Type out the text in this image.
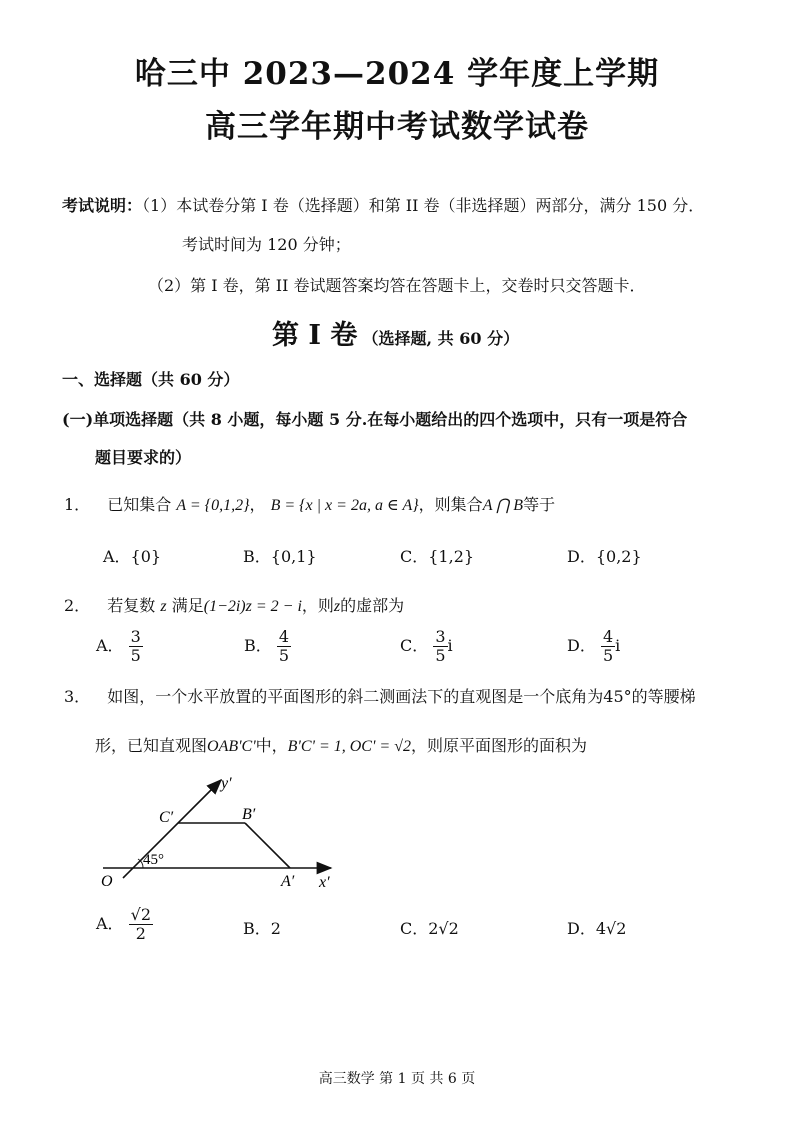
哈三中 2023—2024 学年度上学期
高三学年期中考试数学试卷
考试说明：（1）本试卷分第 I 卷（选择题）和第 II 卷（非选择题）两部分，满分 150 分．
考试时间为 120 分钟；
（2）第 I 卷，第 II 卷试题答案均答在答题卡上，交卷时只交答题卡．
第 I 卷 （选择题, 共 60 分）
一、选择题（共 60 分）
(一)单项选择题（共 8 小题，每小题 5 分.在每小题给出的四个选项中，只有一项是符合
题目要求的）
1． 已知集合 A = {0,1,2}， B = {x | x = 2a, a ∈ A}，则集合A ⋂ B等于
A．{0}	B．{0,1}	C．{1,2}	D．{0,2}
2． 若复数 z 满足(1−2i)z = 2 − i，则z的虚部为
A． $\frac{3}{5}$	B． $\frac{4}{5}$	C． $\frac{3}{5}$ i	D． $\frac{4}{5}$ i
3． 如图，一个水平放置的平面图形的斜二测画法下的直观图是一个底角为45°的等腰梯
形，已知直观图OAB'C'中，B'C' = 1, OC' = √2，则原平面图形的面积为
y′
x′
C′	B′
O	A′
45°
A． $\frac{√2}{2}$	B．2	C．2√2	D．4√2
高三数学 第 1 页 共 6 页
